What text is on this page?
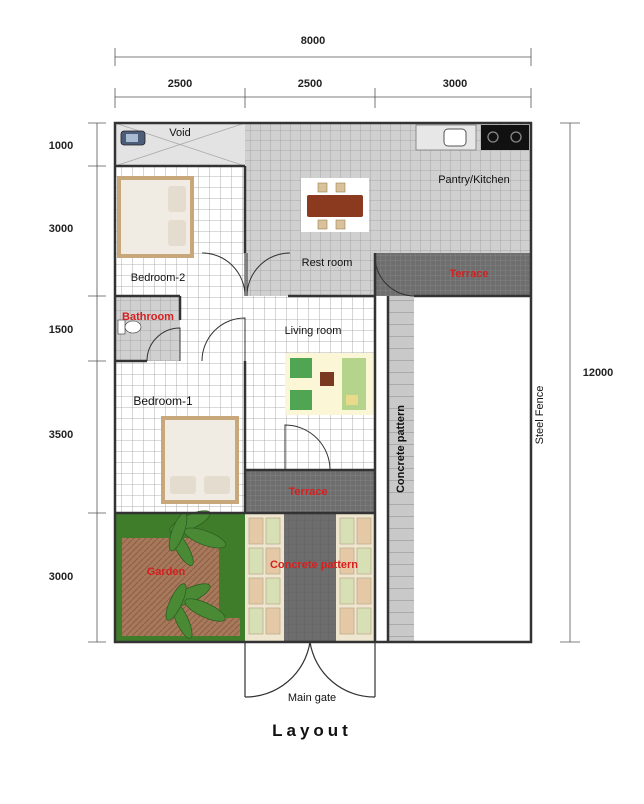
8000
2500	2500	3000
1000
3000
1500
3500
3000
12000
Void
Pantry/Kitchen
Rest room
Bedroom-2	Terrace
Bathroom
Living room
Bedroom-1
Concrete pattern	Steel Fence
Terrace
Garden
Concrete pattern
Main gate
Layout
